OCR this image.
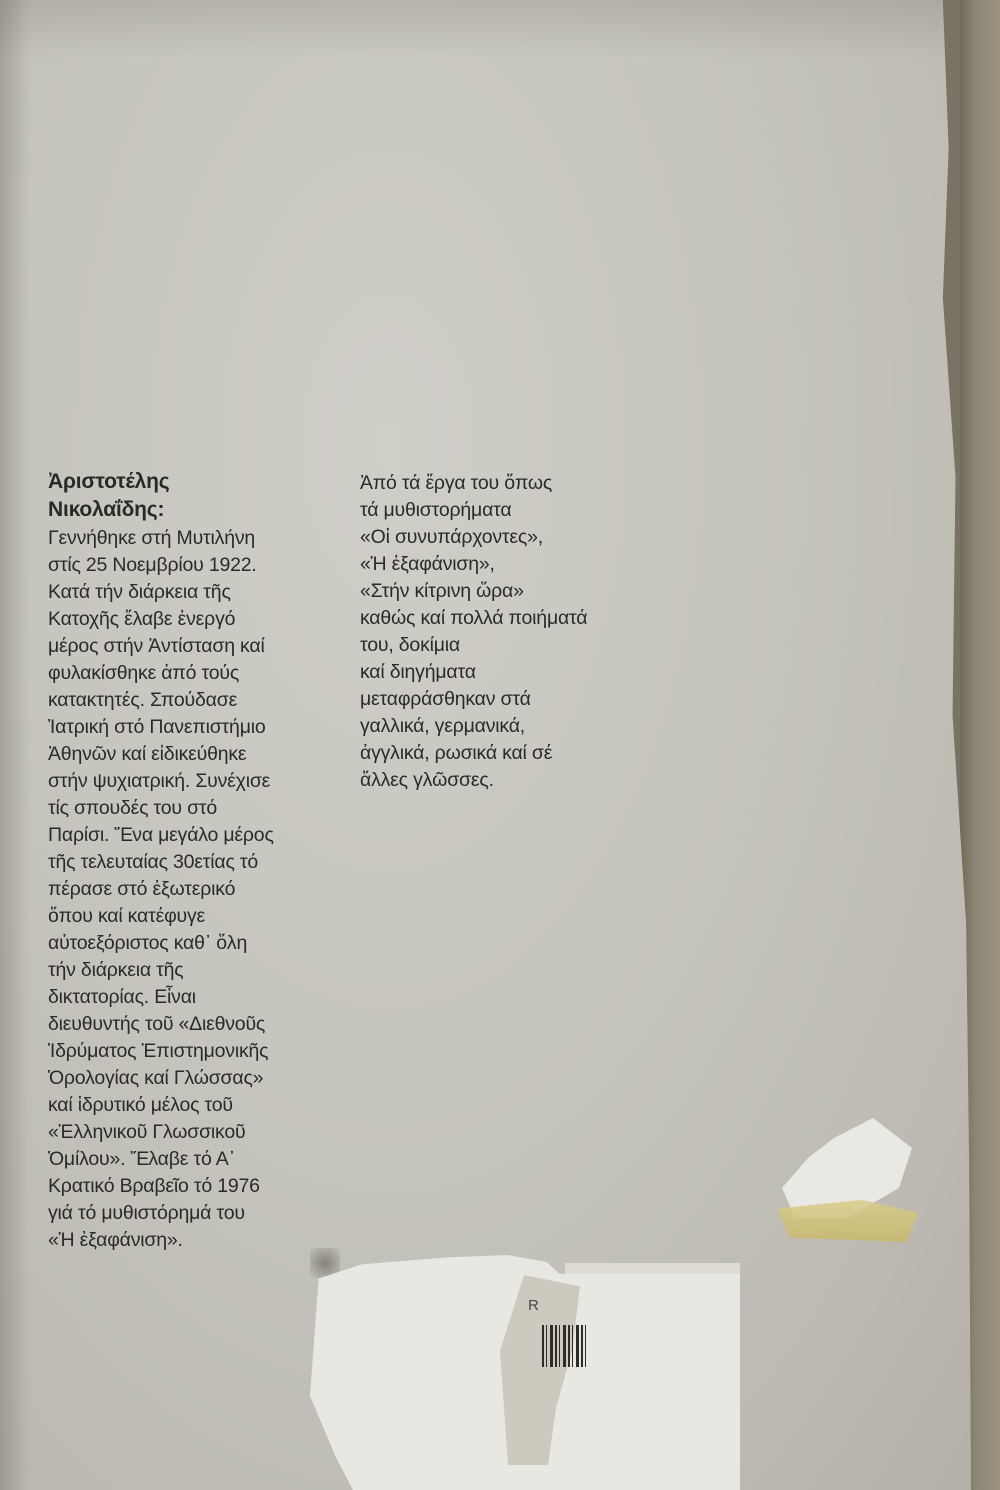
Ἀριστοτέλης
Νικολαΐδης:
Γεννήθηκε στή Μυτιλήνη
στίς 25 Νοεμβρίου 1922.
Κατά τήν διάρκεια τῆς
Κατοχῆς ἔλαβε ἐνεργό
μέρος στήν Ἀντίσταση καί
φυλακίσθηκε ἀπό τούς
κατακτητές. Σπούδασε
Ἰατρική στό Πανεπιστήμιο
Ἀθηνῶν καί εἰδικεύθηκε
στήν ψυχιατρική. Συνέχισε
τίς σπουδές του στό
Παρίσι. Ἕνα μεγάλο μέρος
τῆς τελευταίας 30ετίας τό
πέρασε στό ἐξωτερικό
ὅπου καί κατέφυγε
αὐτοεξόριστος καθ᾽ ὅλη
τήν διάρκεια τῆς
δικτατορίας. Εἶναι
διευθυντής τοῦ «Διεθνοῦς
Ἱδρύματος Ἐπιστημονικῆς
Ὁρολογίας καί Γλώσσας»
καί ἱδρυτικό μέλος τοῦ
«Ἑλληνικοῦ Γλωσσικοῦ
Ὁμίλου». Ἔλαβε τό Α᾽
Κρατικό Βραβεῖο τό 1976
γιά τό μυθιστόρημά του
«Ἡ ἐξαφάνιση».
Ἀπό τά ἔργα του ὅπως
τά μυθιστορήματα
«Οἱ συνυπάρχοντες»,
«Ἡ ἐξαφάνιση»,
«Στήν κίτρινη ὥρα»
καθώς καί πολλά ποιήματά
του, δοκίμια
καί διηγήματα
μεταφράσθηκαν στά
γαλλικά, γερμανικά,
ἀγγλικά, ρωσικά καί σέ
ἄλλες γλῶσσες.
R
